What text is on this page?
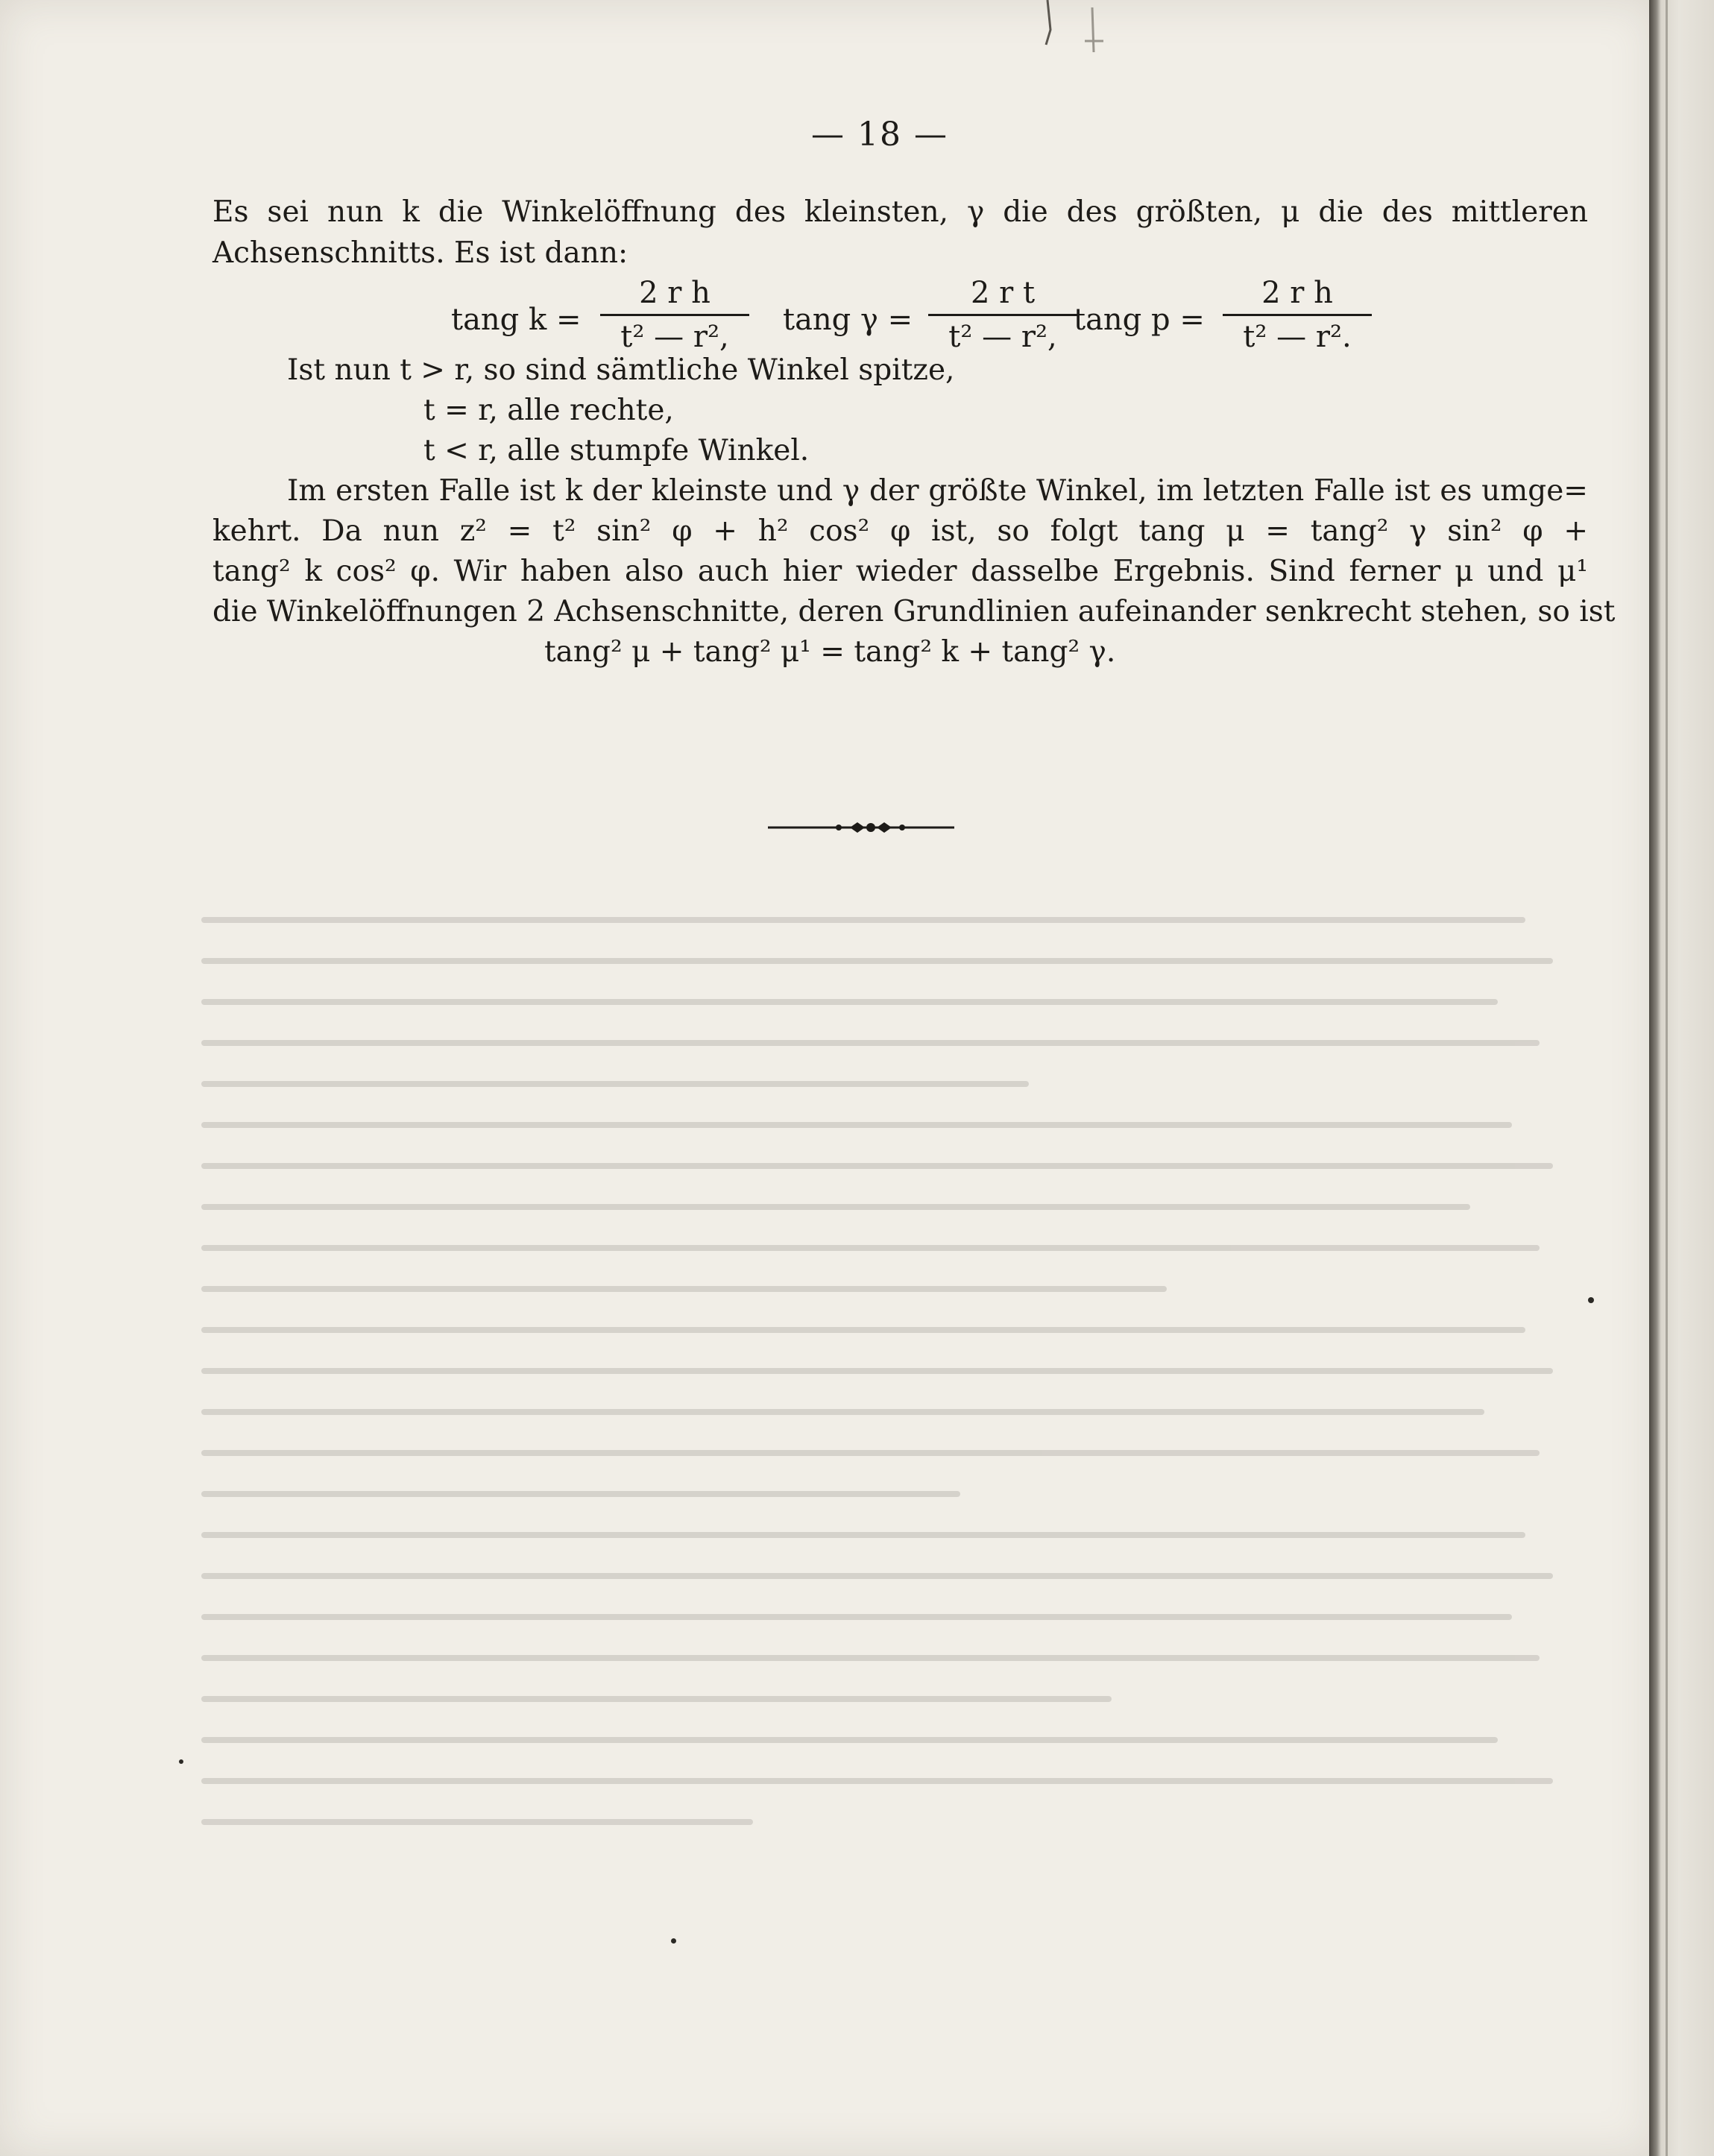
— 18 —
Es sei nun k die Winkelöffnung des kleinsten, γ die des größten, μ die des mittleren
Achsenschnitts. Es ist dann:
tang k =
2 r h
t² — r²,	tang γ =
2 r t
t² — r², tang p =
2 r h
t² — r².
Ist nun t > r, so sind sämtliche Winkel spitze,
t = r, alle rechte,
t < r, alle stumpfe Winkel.
Im ersten Falle ist k der kleinste und γ der größte Winkel, im letzten Falle ist es umge=
kehrt. Da nun z² = t² sin² φ + h² cos² φ ist, so folgt tang μ = tang² γ sin² φ +
tang² k cos² φ. Wir haben also auch hier wieder dasselbe Ergebnis. Sind ferner μ und μ¹
die Winkelöffnungen 2 Achsenschnitte, deren Grundlinien aufeinander senkrecht stehen, so ist
tang² μ + tang² μ¹ = tang² k + tang² γ.
